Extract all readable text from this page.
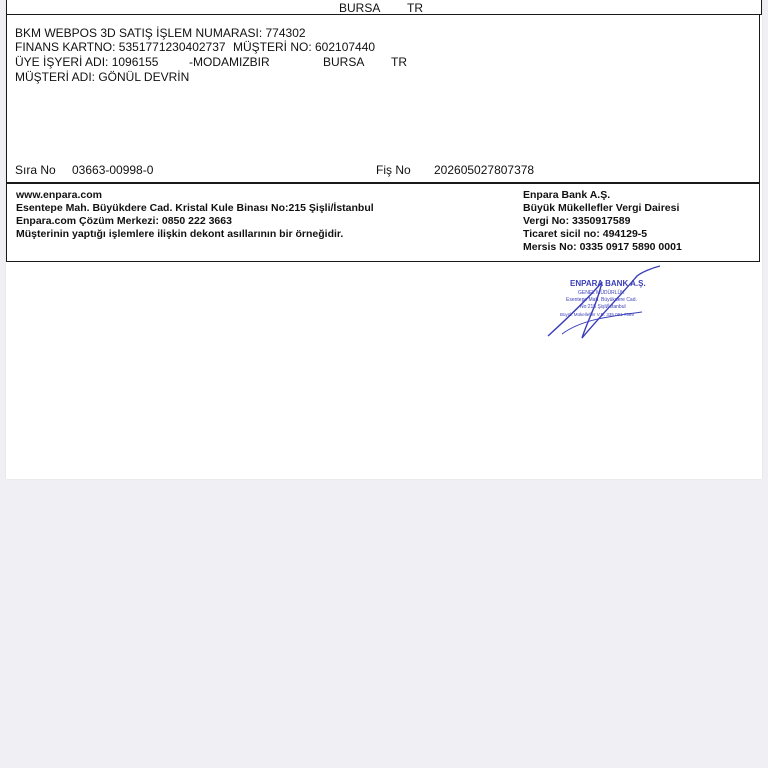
BURSA TR
BKM WEBPOS 3D SATIŞ İŞLEM NUMARASI: 774302
FINANS KARTNO: 5351771230402737 MÜŞTERİ NO: 602107440
ÜYE İŞYERİ ADI: 1096155	-MODAMIZBIR	BURSA TR
MÜŞTERİ ADI: GÖNÜL DEVRİN
Sıra No 03663-00998-0	Fiş No 202605027807378
www.enpara.com
Esentepe Mah. Büyükdere Cad. Kristal Kule Binası No:215 Şişli/İstanbul
Enpara.com Çözüm Merkezi: 0850 222 3663
Müşterinin yaptığı işlemlere ilişkin dekont asıllarının bir örneğidir.
Enpara Bank A.Ş.
Büyük Mükellefler Vergi Dairesi
Vergi No: 3350917589
Ticaret sicil no: 494129-5
Mersis No: 0335 0917 5890 0001
ENPARA BANK A.Ş.
GENEL MÜDÜRLÜK
Esentepe Mah. Büyükdere Cad.
No:215 Şişli/İstanbul
Büyük Mükellefler V.D. 335 091 7589
